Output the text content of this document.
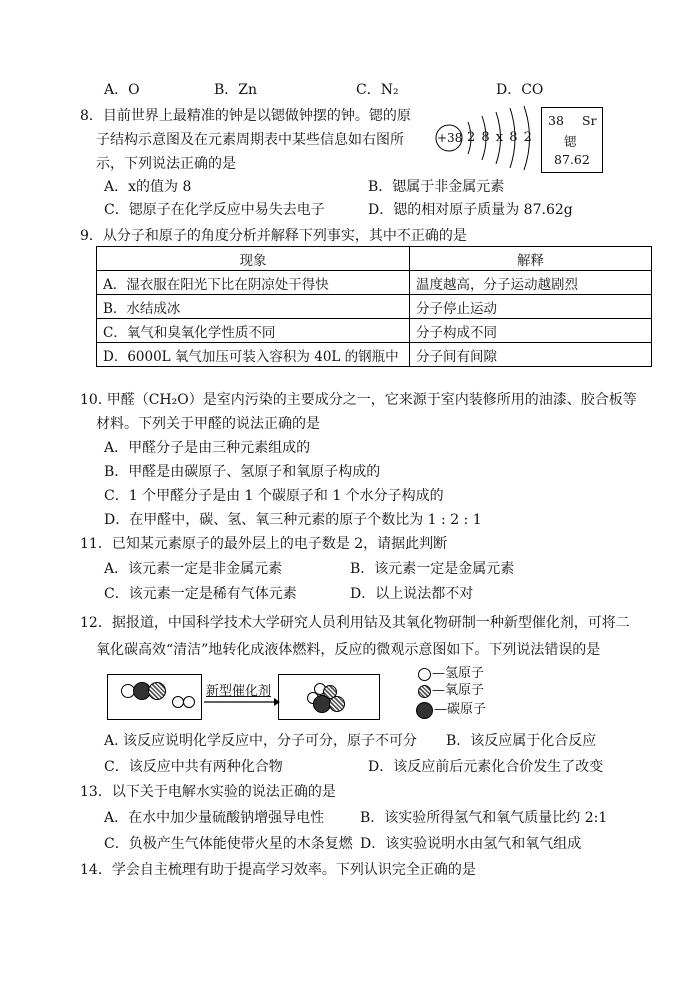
A．O	B．Zn	C．N₂	D．CO
8．目前世界上最精准的钟是以锶做钟摆的钟。锶的原
子结构示意图及在元素周期表中某些信息如右图所
示，下列说法正确的是
+38 2 8 x 8 2
38 Sr
锶
87.62
A．x的值为 8	B．锶属于非金属元素
C．锶原子在化学反应中易失去电子	D．锶的相对原子质量为 87.62g
9．从分子和原子的角度分析并解释下列事实，其中不正确的是
现象	解释
A．湿衣服在阳光下比在阴凉处干得快	温度越高，分子运动越剧烈
B．水结成冰	分子停止运动
C．氧气和臭氧化学性质不同	分子构成不同
D．6000L 氧气加压可装入容积为 40L 的钢瓶中	分子间有间隙
10. 甲醛（CH₂O）是室内污染的主要成分之一，它来源于室内装修所用的油漆、胶合板等
材料。下列关于甲醛的说法正确的是
A．甲醛分子是由三种元素组成的
B．甲醛是由碳原子、氢原子和氧原子构成的
C．1 个甲醛分子是由 1 个碳原子和 1 个水分子构成的
D．在甲醛中，碳、氢、氧三种元素的原子个数比为 1 : 2 : 1
11．已知某元素原子的最外层上的电子数是 2，请据此判断
A．该元素一定是非金属元素	B．该元素一定是金属元素
C．该元素一定是稀有气体元素	D．以上说法都不对
12．据报道，中国科学技术大学研究人员利用钴及其氧化物研制一种新型催化剂，可将二
氧化碳高效“清洁”地转化成液体燃料，反应的微观示意图如下。下列说法错误的是
新型催化剂
—氢原子
—氧原子
—碳原子
A. 该反应说明化学反应中，分子可分，原子不可分 B．该反应属于化合反应
C．该反应中共有两种化合物	D．该反应前后元素化合价发生了改变
13．以下关于电解水实验的说法正确的是
A．在水中加少量硫酸钠增强导电性	B．该实验所得氢气和氧气质量比约 2:1
C．负极产生气体能使带火星的木条复燃 D．该实验说明水由氢气和氧气组成
14．学会自主梳理有助于提高学习效率。下列认识完全正确的是
